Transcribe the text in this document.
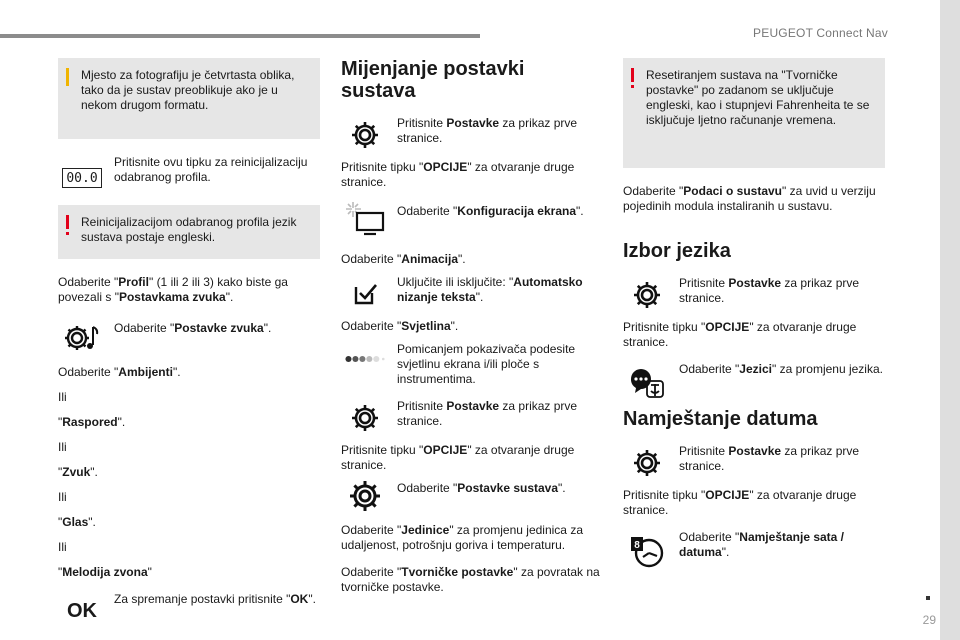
PEUGEOT Connect Nav
29
Mjesto za fotografiju je četvrtasta oblika, tako da je sustav preoblikuje ako je u nekom drugom formatu.
00.0
Pritisnite ovu tipku za reinicijalizaciju odabranog profila.
Reinicijalizacijom odabranog profila jezik sustava postaje engleski.

Odaberite "Profil" (1 ili 2 ili 3) kako biste ga povezali s "Postavkama zvuka".

Odaberite "Postavke zvuka".

Odaberite "Ambijenti".

Ili

"Raspored".

Ili

"Zvuk".

Ili

"Glas".

Ili

"Melodija zvona"

OK
Za spremanje postavki pritisnite "OK".
Mijenjanje postavki sustava
Pritisnite Postavke za prikaz prve stranice.

Pritisnite tipku "OPCIJE" za otvaranje druge stranice.

Odaberite "Konfiguracija ekrana".

Odaberite "Animacija".

Uključite ili isključite: "Automatsko nizanje teksta".

Odaberite "Svjetlina".

Pomicanjem pokazivača podesite svjetlinu ekrana i/ili ploče s instrumentima.
Pritisnite Postavke za prikaz prve stranice.

Pritisnite tipku "OPCIJE" za otvaranje druge stranice.

Odaberite "Postavke sustava".

Odaberite "Jedinice" za promjenu jedinica za udaljenost, potrošnju goriva i temperaturu.

Odaberite "Tvorničke postavke" za povratak na tvorničke postavke.

Resetiranjem sustava na "Tvorničke postavke" po zadanom se uključuje engleski, kao i stupnjevi Fahrenheita te se isključuje ljetno računanje vremena.

Odaberite "Podaci o sustavu" za uvid u verziju pojedinih modula instaliranih u sustavu.

Izbor jezika
Pritisnite Postavke za prikaz prve stranice.

Pritisnite tipku "OPCIJE" za otvaranje druge stranice.

Odaberite "Jezici" za promjenu jezika.
Namještanje datuma
Pritisnite Postavke za prikaz prve stranice.

Pritisnite tipku "OPCIJE" za otvaranje druge stranice.

8
Odaberite "Namještanje sata / datuma".
